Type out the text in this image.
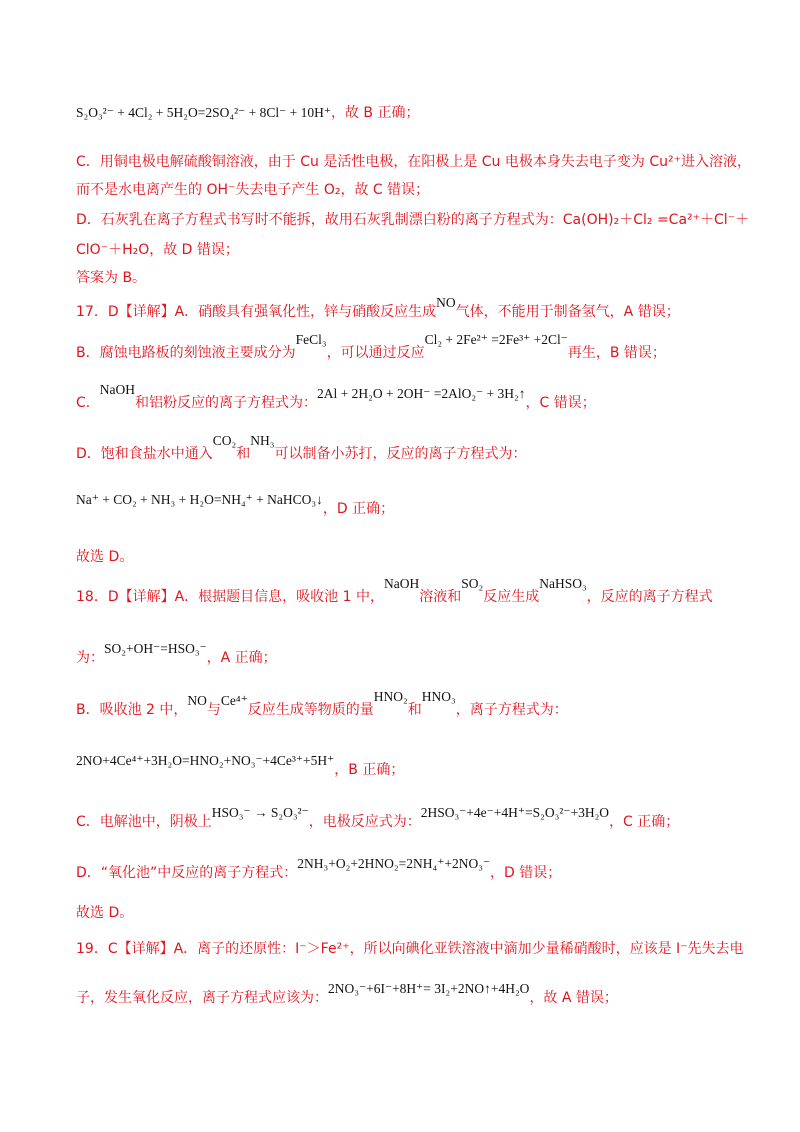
S₂O₃²⁻ + 4Cl₂ + 5H₂O=2SO₄²⁻ + 8Cl⁻ + 10H⁺，故 B 正确；
C．用铜电极电解硫酸铜溶液，由于 Cu 是活性电极，在阳极上是 Cu 电极本身失去电子变为 Cu²⁺进入溶液，
而不是水电离产生的 OH⁻失去电子产生 O₂，故 C 错误；
D．石灰乳在离子方程式书写时不能拆，故用石灰乳制漂白粉的离子方程式为：Ca(OH)₂＋Cl₂ =Ca²⁺＋Cl⁻＋
ClO⁻＋H₂O，故 D 错误；
答案为 B。
17．D【详解】A．硝酸具有强氧化性，锌与硝酸反应生成NO气体，不能用于制备氢气，A 错误；
B．腐蚀电路板的刻蚀液主要成分为FeCl₃，可以通过反应Cl₂ + 2Fe²⁺ =2Fe³⁺ +2Cl⁻再生，B 错误；
C．NaOH和铝粉反应的离子方程式为：2Al + 2H₂O + 2OH⁻ =2AlO₂⁻ + 3H₂↑，C 错误；
D．饱和食盐水中通入CO₂和NH₃可以制备小苏打，反应的离子方程式为：
Na⁺ + CO₂ + NH₃ + H₂O=NH₄⁺ + NaHCO₃↓，D 正确；
故选 D。
18．D【详解】A．根据题目信息，吸收池 1 中，NaOH溶液和SO₂反应生成NaHSO₃，反应的离子方程式
为：SO₂+OH⁻=HSO₃⁻，A 正确；
B．吸收池 2 中，NO与Ce⁴⁺反应生成等物质的量HNO₂和HNO₃，离子方程式为：
2NO+4Ce⁴⁺+3H₂O=HNO₂+NO₃⁻+4Ce³⁺+5H⁺，B 正确；
C．电解池中，阴极上HSO₃⁻ → S₂O₃²⁻，电极反应式为：2HSO₃⁻+4e⁻+4H⁺=S₂O₃²⁻+3H₂O，C 正确；
D．“氧化池”中反应的离子方程式：2NH₃+O₂+2HNO₂=2NH₄⁺+2NO₃⁻，D 错误；
故选 D。
19．C【详解】A．离子的还原性：I⁻＞Fe²⁺，所以向碘化亚铁溶液中滴加少量稀硝酸时，应该是 I⁻先失去电
子，发生氧化反应，离子方程式应该为：2NO₃⁻+6I⁻+8H⁺= 3I₂+2NO↑+4H₂O，故 A 错误；
